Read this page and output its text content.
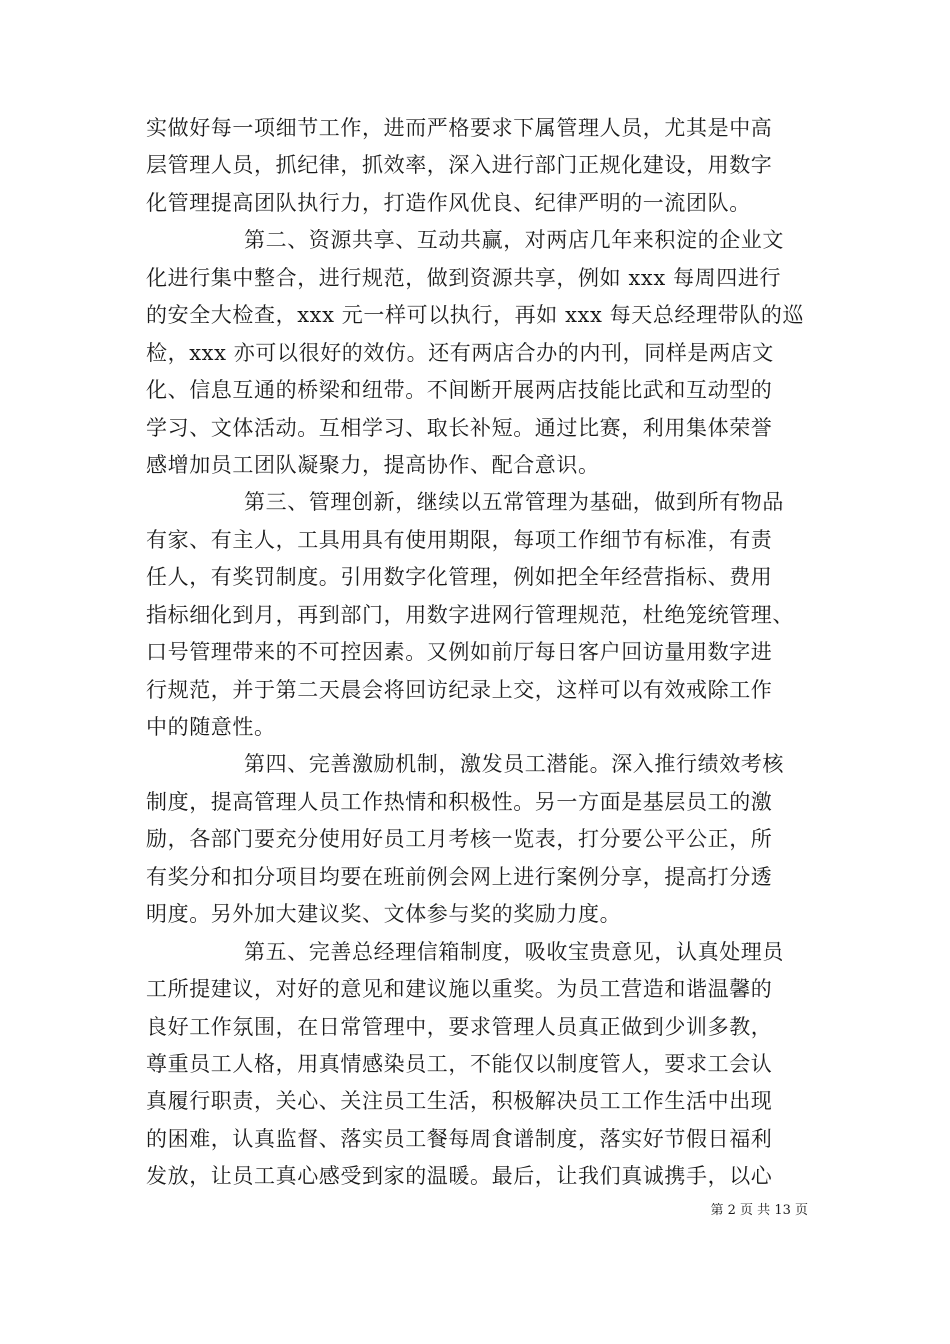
实做好每一项细节工作，进而严格要求下属管理人员，尤其是中高
层管理人员，抓纪律，抓效率，深入进行部门正规化建设，用数字
化管理提高团队执行力，打造作风优良、纪律严明的一流团队。
第二、资源共享、互动共赢，对两店几年来积淀的企业文
化进行集中整合，进行规范，做到资源共享，例如 xxx 每周四进行
的安全大检查，xxx 元一样可以执行，再如 xxx 每天总经理带队的巡
检，xxx 亦可以很好的效仿。还有两店合办的内刊，同样是两店文
化、信息互通的桥梁和纽带。不间断开展两店技能比武和互动型的
学习、文体活动。互相学习、取长补短。通过比赛，利用集体荣誉
感增加员工团队凝聚力，提高协作、配合意识。
第三、管理创新，继续以五常管理为基础，做到所有物品
有家、有主人，工具用具有使用期限，每项工作细节有标准，有责
任人，有奖罚制度。引用数字化管理，例如把全年经营指标、费用
指标细化到月，再到部门，用数字进网行管理规范，杜绝笼统管理、
口号管理带来的不可控因素。又例如前厅每日客户回访量用数字进
行规范，并于第二天晨会将回访纪录上交，这样可以有效戒除工作
中的随意性。
第四、完善激励机制，激发员工潜能。深入推行绩效考核
制度，提高管理人员工作热情和积极性。另一方面是基层员工的激
励，各部门要充分使用好员工月考核一览表，打分要公平公正，所
有奖分和扣分项目均要在班前例会网上进行案例分享，提高打分透
明度。另外加大建议奖、文体参与奖的奖励力度。
第五、完善总经理信箱制度，吸收宝贵意见，认真处理员
工所提建议，对好的意见和建议施以重奖。为员工营造和谐温馨的
良好工作氛围，在日常管理中，要求管理人员真正做到少训多教，
尊重员工人格，用真情感染员工，不能仅以制度管人，要求工会认
真履行职责，关心、关注员工生活，积极解决员工工作生活中出现
的困难，认真监督、落实员工餐每周食谱制度，落实好节假日福利
发放，让员工真心感受到家的温暖。最后，让我们真诚携手，以心
第 2 页 共 13 页
